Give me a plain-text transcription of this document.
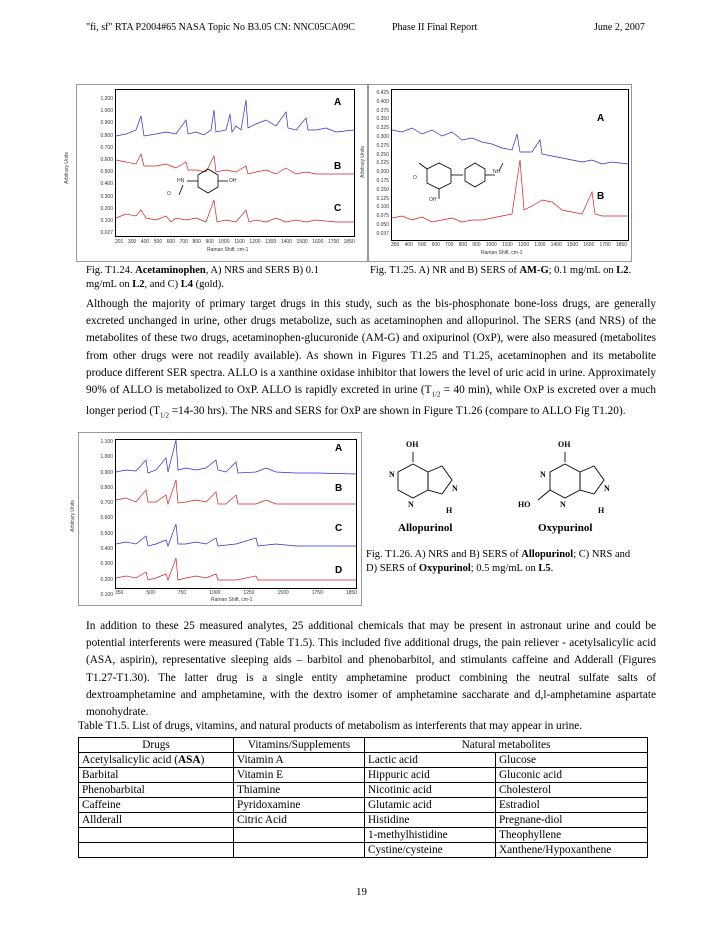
"fi, sf" RTA P2004#65 NASA Topic No B3.05 CN: NNC05CA09C	Phase II Final Report	June 2, 2007
1.200
1.000
0.900
0.800
0.700
0.600
0.500
0.400
0.300
0.200
0.100
0.027
Arbitrary Units
201 300 400 500 600 700 800 900 1000 1100 1200 1300 1400 1500 1600 1700 1850
Raman Shift, cm-1
A
B
C
HN	OH
O
Fig. T1.24. Acetaminophen, A) NRS and SERS B) 0.1 mg/mL on L2, and C) L4 (gold).
0.425
0.400
0.375
0.350
0.325
0.300
0.275
0.250
0.225
0.200
0.175
0.150
0.125
0.100
0.075
0.050
0.037
Arbitrary Units
350 400 500 600 700 800 900 1000 1100 1200 1300 1400 1500 1600 1700 1850
Raman Shift, cm-1
A
B
O
OH
NH
Fig. T1.25. A) NR and B) SERS of AM-G; 0.1 mg/mL on L2.
Although the majority of primary target drugs in this study, such as the bis-phosphonate bone-loss drugs, are generally excreted unchanged in urine, other drugs metabolize, such as acetaminophen and allopurinol. The SERS (and NRS) of the metabolites of these two drugs, acetaminophen-glucuronide (AM-G) and oxipurinol (OxP), were also measured (metabolites from other drugs were not readily available). As shown in Figures T1.25 and T1.25, acetaminophen and its metabolite produce different SER spectra. ALLO is a xanthine oxidase inhibitor that lowers the level of uric acid in urine. Approximately 90% of ALLO is metabolized to OxP. ALLO is rapidly excreted in urine ($T_{1/2} = 40$ min), while OxP is excreted over a much longer period ($T_{1/2} =14-30$ hrs). The NRS and SERS for OxP are shown in Figure T1.26 (compare to ALLO Fig T1.20).
1.100
1.000
0.900
0.800
0.700
0.600
0.500
0.400
0.300
0.200
0.100
Arbitrary Units
350	500	750	1000	1250	1500	1750	1850
Raman Shift, cm-1
A
B
C
D
OH
N
N
N
H
Allopurinol
OH
N
N
N
H
HO
Oxypurinol
Fig. T1.26. A) NRS and B) SERS of Allopurinol; C) NRS and D) SERS of Oxypurinol; 0.5 mg/mL on L5.
In addition to these 25 measured analytes, 25 additional chemicals that may be present in astronaut urine and could be potential interferents were measured (Table T1.5). This included five additional drugs, the pain reliever - acetylsalicylic acid (ASA, aspirin), representative sleeping aids – barbitol and phenobarbitol, and stimulants caffeine and Adderall (Figures T1.27-T1.30). The latter drug is a single entity amphetamine product combining the neutral sulfate salts of dextroamphetamine and amphetamine, with the dextro isomer of amphetamine saccharate and d,l-amphetamine aspartate monohydrate.
Table T1.5. List of drugs, vitamins, and natural products of metabolism as interferents that may appear in urine.
Drugs	Vitamins/Supplements	Natural metabolites	
Acetylsalicylic acid (ASA)	Vitamin A	Lactic acid	Glucose
Barbital	Vitamin E	Hippuric acid	Gluconic acid
Phenobarbital	Thiamine	Nicotinic acid	Cholesterol
Caffeine	Pyridoxamine	Glutamic acid	Estradiol
Allderall	Citric Acid	Histidine	Pregnane-diol
		1-methylhistidine	Theophyllene
		Cystine/cysteine	Xanthene/Hypoxanthene
19
